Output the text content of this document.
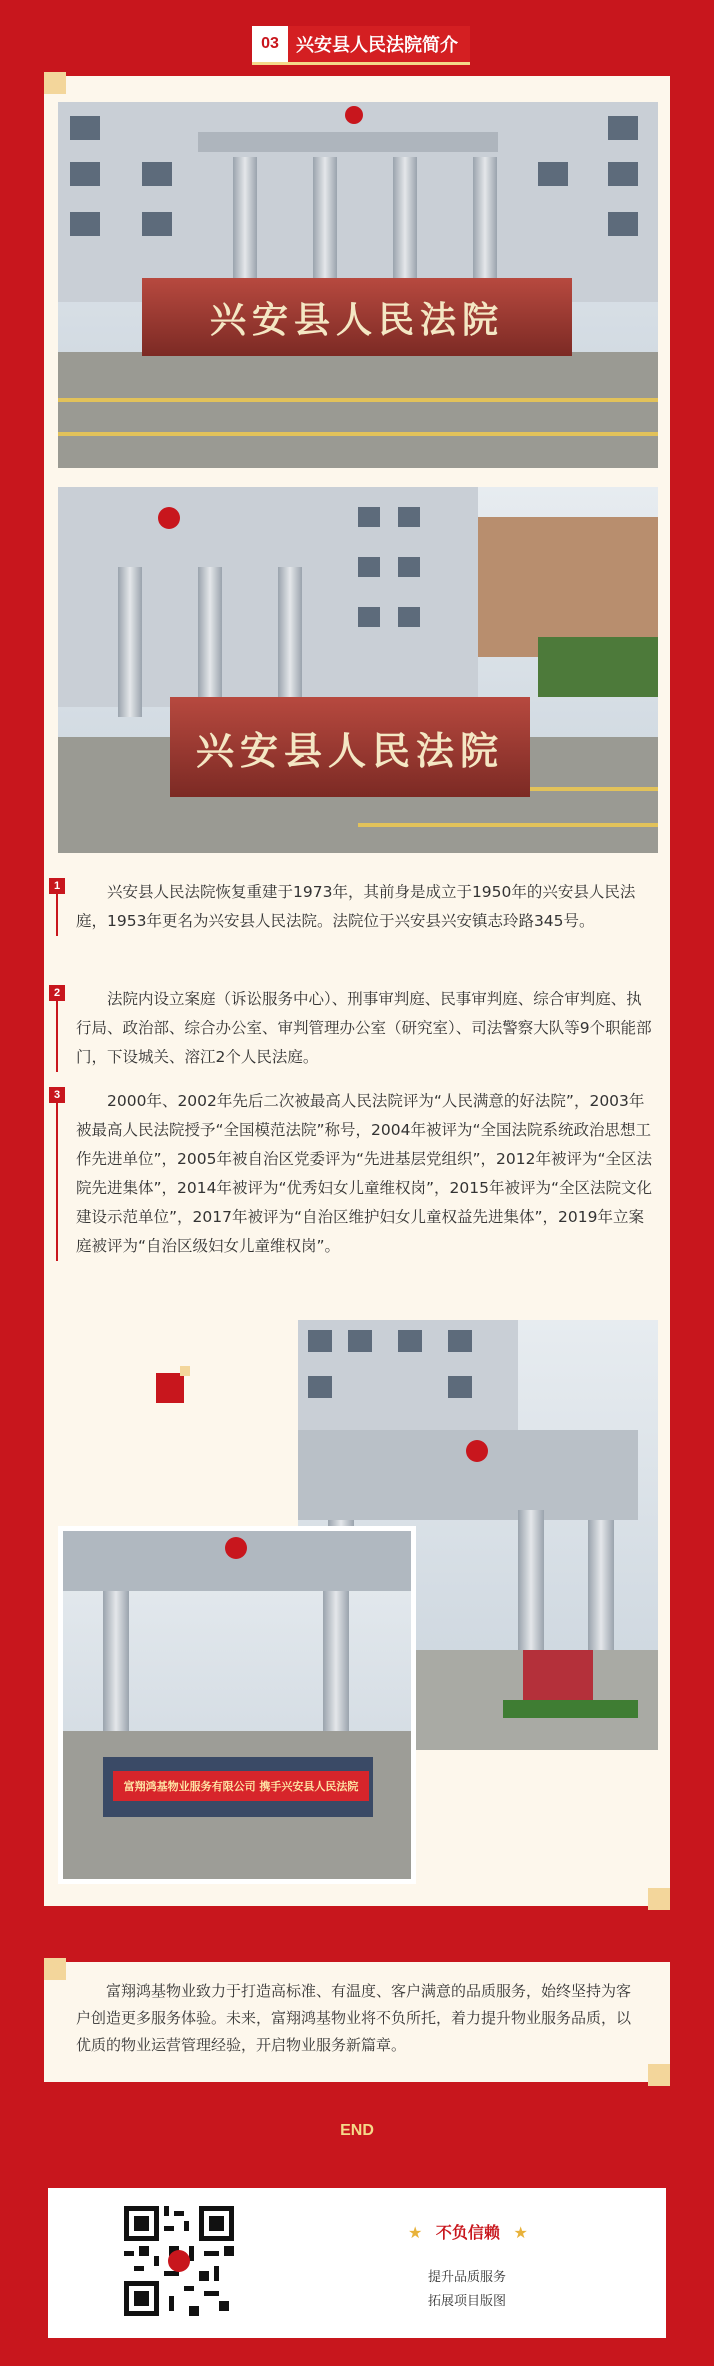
03 兴安县人民法院简介
兴安县人民法院
兴安县人民法院
1	兴安县人民法院恢复重建于1973年，其前身是成立于1950年的兴安县人民法庭，1953年更名为兴安县人民法院。法院位于兴安县兴安镇志玲路345号。
2	法院内设立案庭（诉讼服务中心）、刑事审判庭、民事审判庭、综合审判庭、执行局、政治部、综合办公室、审判管理办公室（研究室）、司法警察大队等9个职能部门，下设城关、溶江2个人民法庭。
3	2000年、2002年先后二次被最高人民法院评为“人民满意的好法院”，2003年被最高人民法院授予“全国模范法院”称号，2004年被评为“全国法院系统政治思想工作先进单位”，2005年被自治区党委评为“先进基层党组织”，2012年被评为“全区法院先进集体”，2014年被评为“优秀妇女儿童维权岗”，2015年被评为“全区法院文化建设示范单位”，2017年被评为“自治区维护妇女儿童权益先进集体”，2019年立案庭被评为“自治区级妇女儿童维权岗”。
富翔鸿基物业服务有限公司 携手兴安县人民法院
富翔鸿基物业致力于打造高标准、有温度、客户满意的品质服务，始终坚持为客户创造更多服务体验。未来，富翔鸿基物业将不负所托，着力提升物业服务品质，以优质的物业运营管理经验，开启物业服务新篇章。
END
★ 不负信赖 ★
提升品质服务
拓展项目版图
